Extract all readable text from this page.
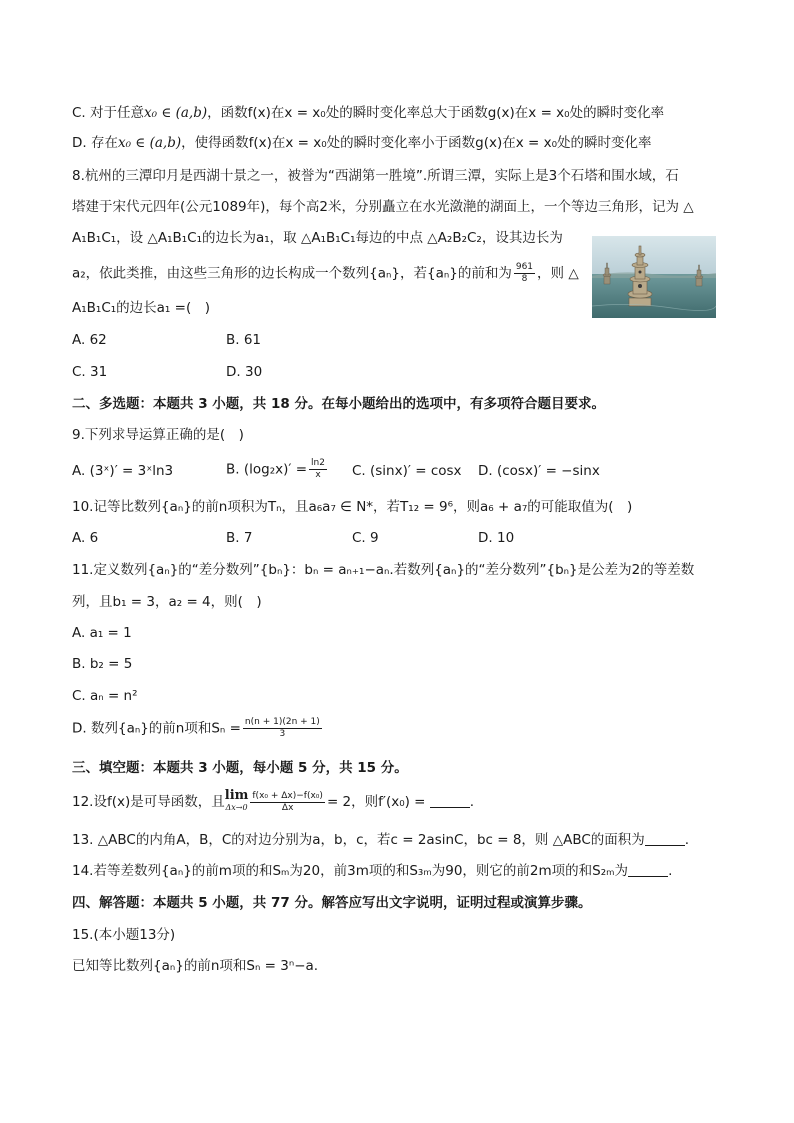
C. 对于任意x₀ ∈ (a,b)，函数f(x)在x = x₀处的瞬时变化率总大于函数g(x)在x = x₀处的瞬时变化率
D. 存在x₀ ∈ (a,b)，使得函数f(x)在x = x₀处的瞬时变化率小于函数g(x)在x = x₀处的瞬时变化率
8.杭州的三潭印月是西湖十景之一，被誉为“西湖第一胜境”.所谓三潭，实际上是3个石塔和围水域，石
塔建于宋代元四年(公元1089年)，每个高2米，分别矗立在水光潋滟的湖面上，一个等边三角形，记为 △
A₁B₁C₁，设 △A₁B₁C₁的边长为a₁，取 △A₁B₁C₁每边的中点 △A₂B₂C₂，设其边长为
a₂，依此类推，由这些三角形的边长构成一个数列{aₙ}，若{aₙ}的前和为 $\frac{961}{8}$ ，则 △
A₁B₁C₁的边长a₁ =(　)
A. 62	B. 61
C. 31	D. 30
二、多选题：本题共 3 小题，共 18 分。在每小题给出的选项中，有多项符合题目要求。
9.下列求导运算正确的是(　)
A. (3ˣ)′ = 3ˣln3	B. $(\log_2x)' = \frac{\ln 2}{x} C$. (sinx)′ = cosx D. (cosx)′ = −sinx
10.记等比数列{aₙ}的前n项积为Tₙ，且a₆a₇ ∈ N*，若T₁₂ = 9⁶，则a₆ + a₇的可能取值为(　)
A. 6	B. 7	C. 9	D. 10
11.定义数列{aₙ}的“差分数列”{bₙ}：bₙ = aₙ₊₁−aₙ.若数列{aₙ}的“差分数列”{bₙ}是公差为2的等差数
列，且b₁ = 3，a₂ = 4，则(　)
A. a₁ = 1
B. b₂ = 5
C. aₙ = n²
D. 数列{aₙ}的前n项和$S_n = \frac{n(n + 1)(2n + 1)}{3}$
三、填空题：本题共 3 小题，每小题 5 分，共 15 分。
12.设f(x)是可导函数，且 lim
$\Delta x\to 0 \frac{\text{f(x₀ + Δx)−f(x₀)}}{\Delta x} = 2$，则f′(x₀) =	.
13. △ABC的内角A，B，C的对边分别为a，b，c，若c = 2asinC，bc = 8，则 △ABC的面积为	.
14.若等差数列{aₙ}的前m项的和Sₘ为20，前3m项的和S₃ₘ为90，则它的前2m项的和S₂ₘ为	.
四、解答题：本题共 5 小题，共 77 分。解答应写出文字说明，证明过程或演算步骤。
15.(本小题13分)
已知等比数列{aₙ}的前n项和Sₙ = 3ⁿ−a.
